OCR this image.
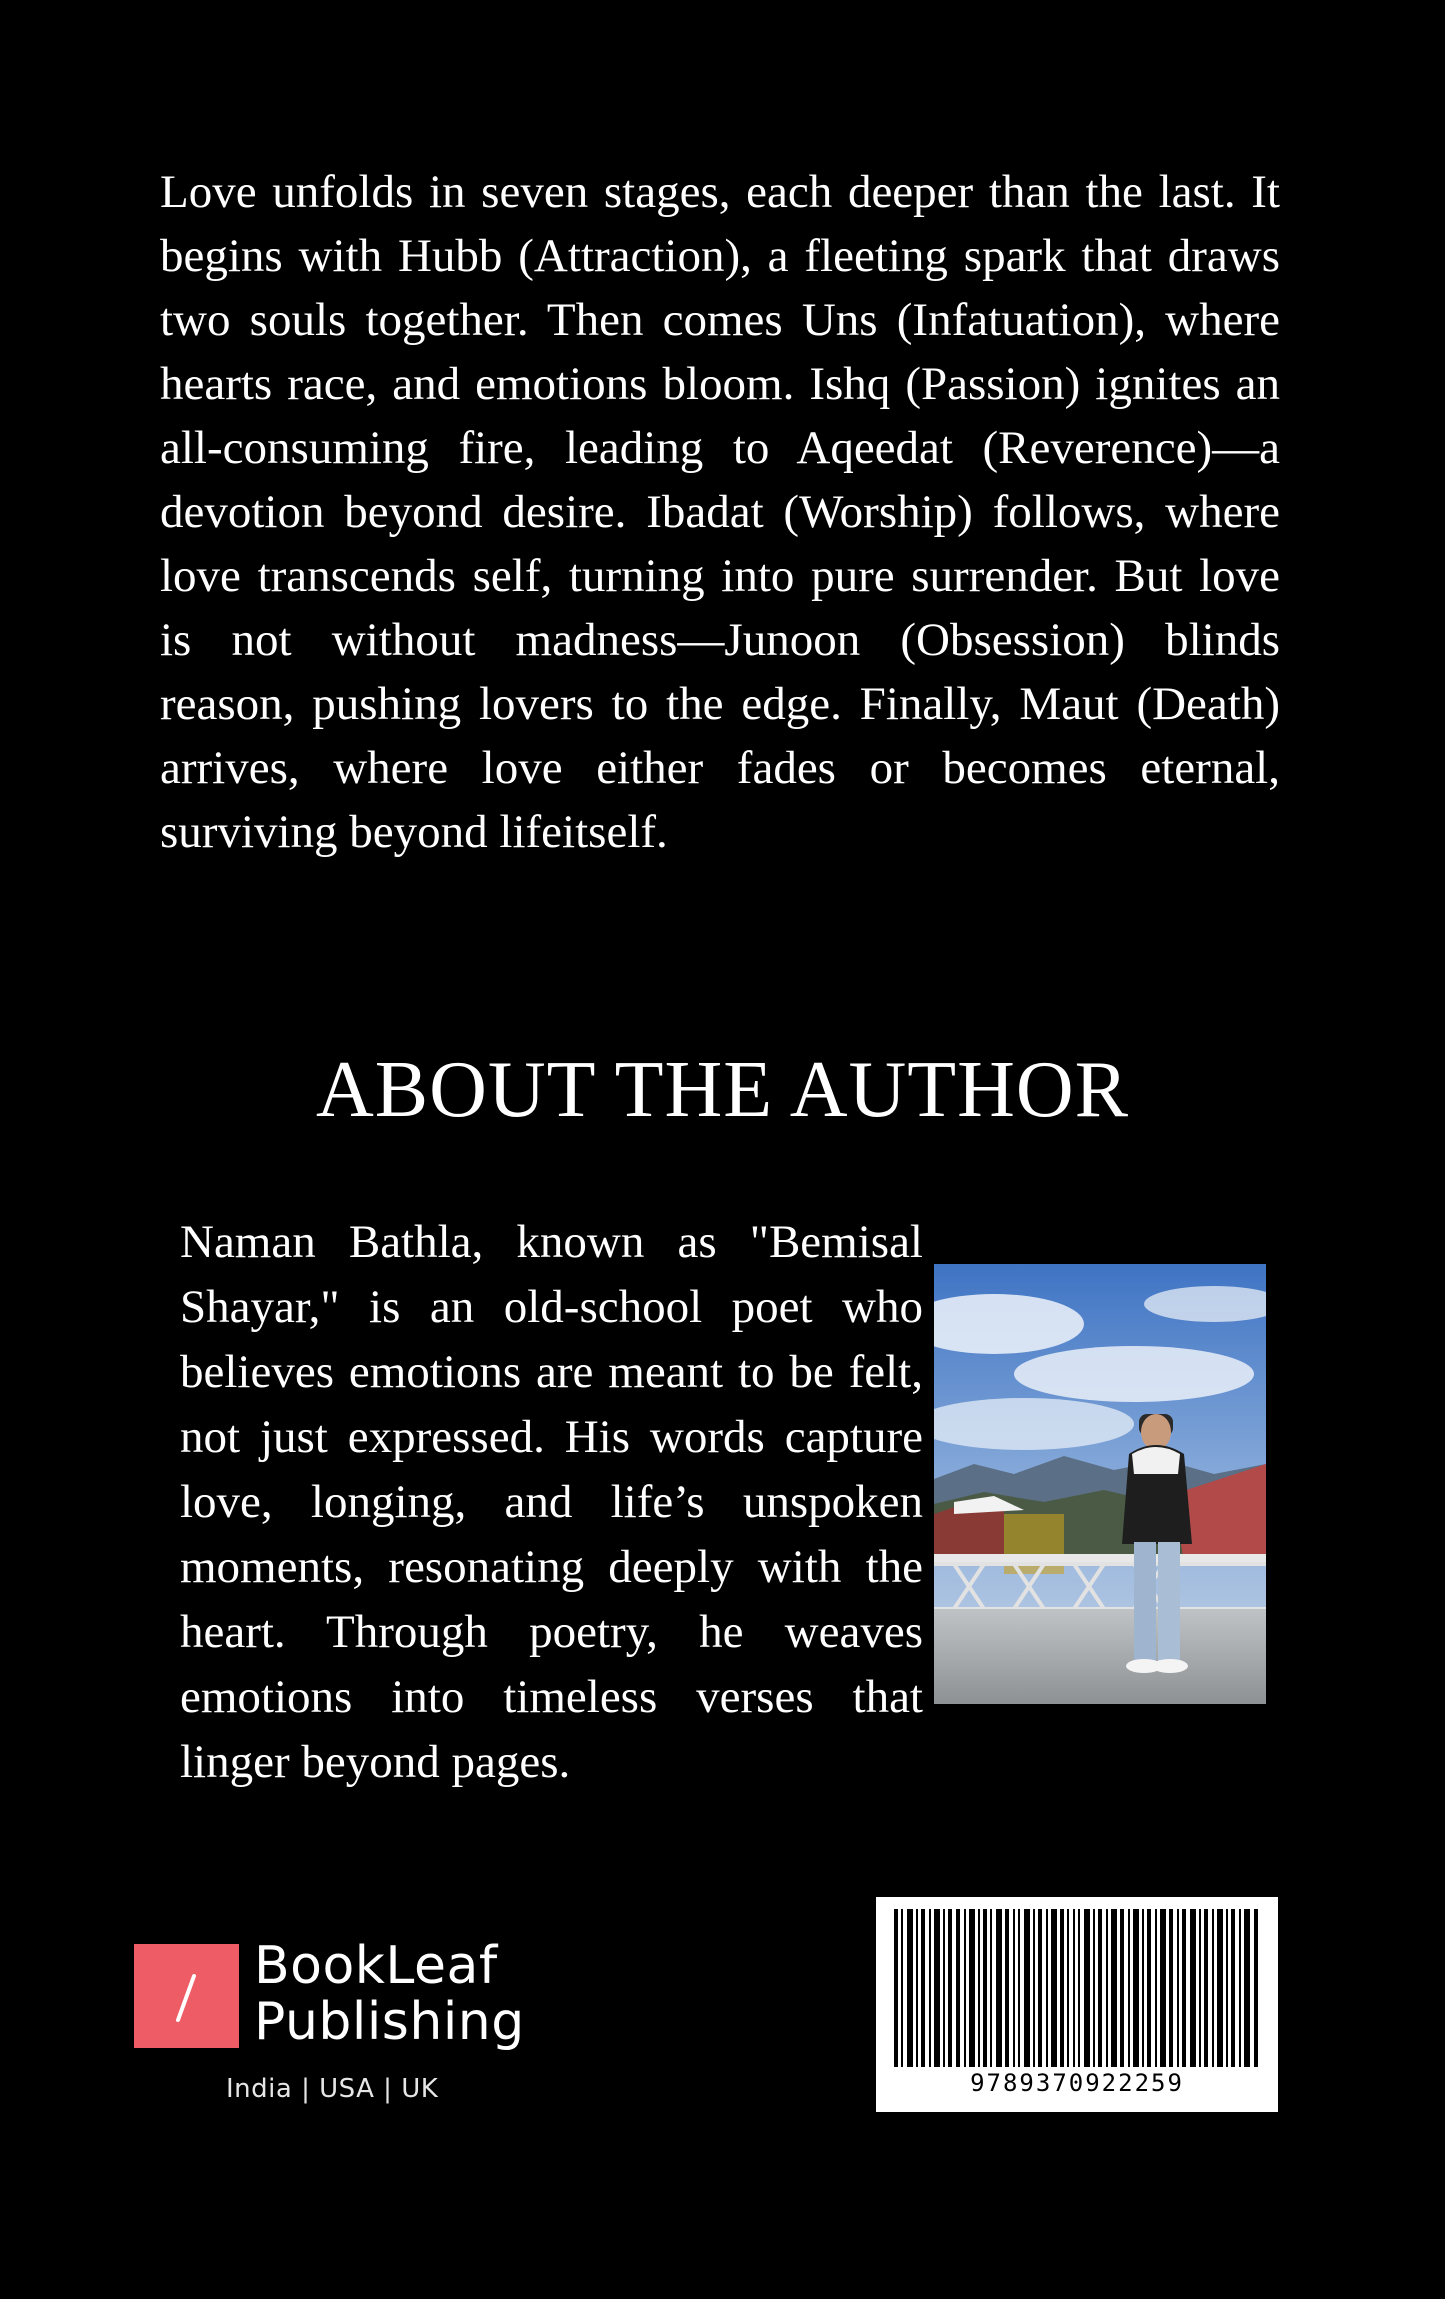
Love unfolds in seven stages, each deeper than the last. It begins with Hubb (Attraction), a fleeting spark that draws two souls together. Then comes Uns (Infatuation), where hearts race, and emotions bloom. Ishq (Passion) ignites an all-consuming fire, leading to Aqeedat (Reverence)—a devotion beyond desire. Ibadat (Worship) follows, where love transcends self, turning into pure surrender. But love is not without madness—Junoon (Obsession) blinds reason, pushing lovers to the edge. Finally, Maut (Death) arrives, where love either fades or becomes eternal, surviving beyond lifeitself.

ABOUT THE AUTHOR

Naman Bathla, known as "Bemisal Shayar," is an old-school poet who believes emotions are meant to be felt, not just expressed. His words capture love, longing, and life’s unspoken moments, resonating deeply with the heart. Through poetry, he weaves emotions into timeless verses that linger beyond pages.

BookLeaf
Publishing
India | USA | UK	9789370922259
